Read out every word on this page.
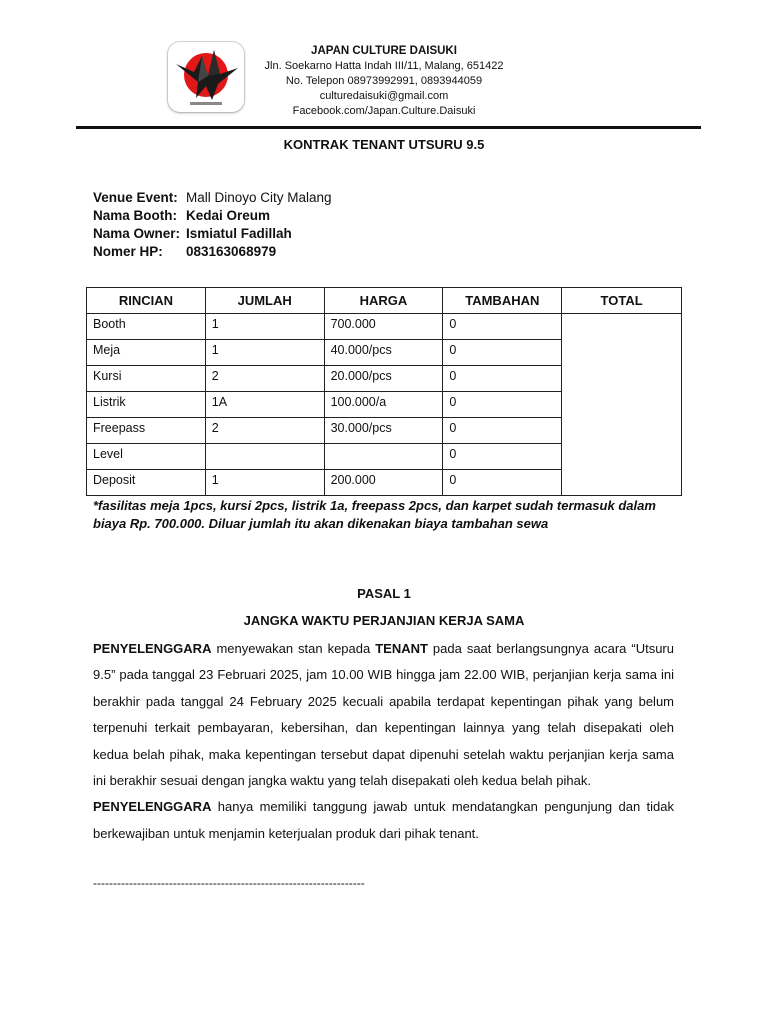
JAPAN CULTURE DAISUKI
Jln. Soekarno Hatta Indah III/11, Malang, 651422
No. Telepon 08973992991, 0893944059
culturedaisuki@gmail.com
Facebook.com/Japan.Culture.Daisuki
KONTRAK TENANT UTSURU 9.5
Venue Event: Mall Dinoyo City Malang
Nama Booth: Kedai Oreum
Nama Owner: Ismiatul Fadillah
Nomer HP: 083163068979
RINCIAN	JUMLAH	HARGA	TAMBAHAN	TOTAL
Booth	1	700.000	0	
Meja	1	40.000/pcs	0	
Kursi	2	20.000/pcs	0	
Listrik	1A	100.000/a	0	
Freepass	2	30.000/pcs	0	
Level			0	
Deposit	1	200.000	0	
*fasilitas meja 1pcs, kursi 2pcs, listrik 1a, freepass 2pcs, dan karpet sudah termasuk dalam biaya Rp. 700.000. Diluar jumlah itu akan dikenakan biaya tambahan sewa
PASAL 1
JANGKA WAKTU PERJANJIAN KERJA SAMA

PENYELENGGARA menyewakan stan kepada TENANT pada saat berlangsungnya acara “Utsuru 9.5” pada tanggal 23 Februari 2025, jam 10.00 WIB hingga jam 22.00 WIB, perjanjian kerja sama ini berakhir pada tanggal 24 February 2025 kecuali apabila terdapat kepentingan pihak yang belum terpenuhi terkait pembayaran, kebersihan, dan kepentingan lainnya yang telah disepakati oleh kedua belah pihak, maka kepentingan tersebut dapat dipenuhi setelah waktu perjanjian kerja sama ini berakhir sesuai dengan jangka waktu yang telah disepakati oleh kedua belah pihak.

PENYELENGGARA hanya memiliki tanggung jawab untuk mendatangkan pengunjung dan tidak berkewajiban untuk menjamin keterjualan produk dari pihak tenant.

--------------------------------------------------------------------
